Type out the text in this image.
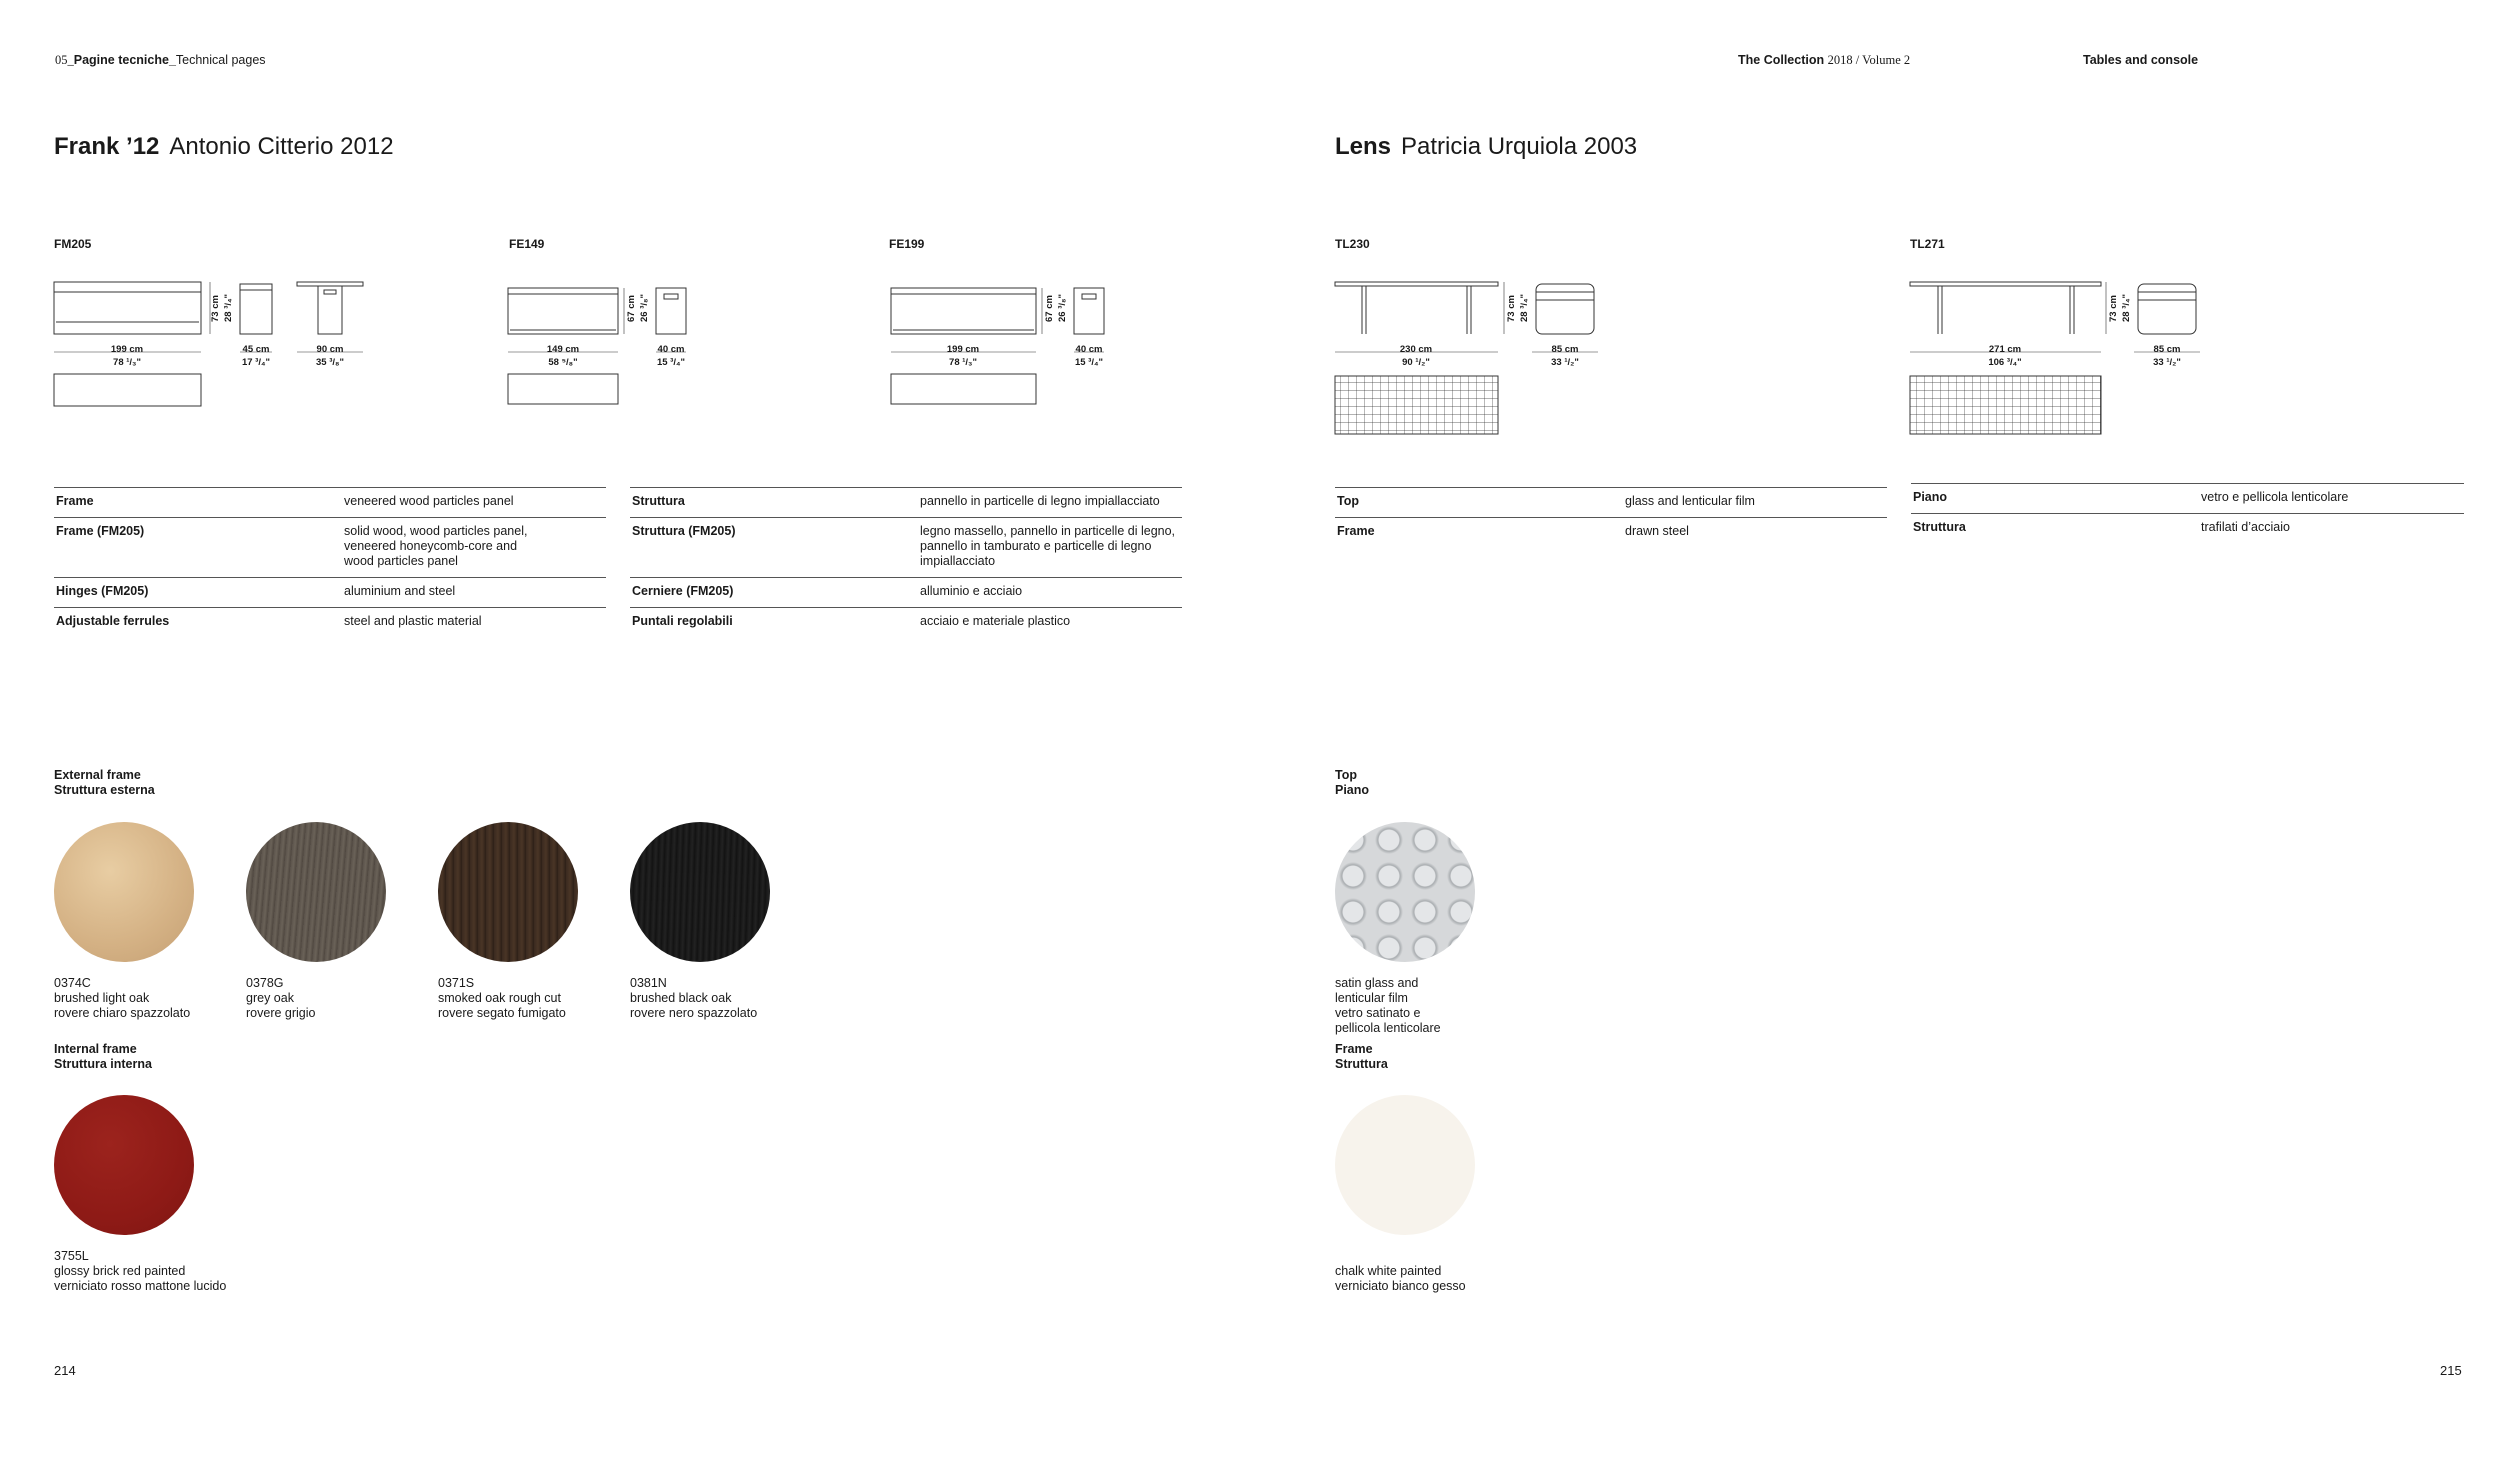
05_Pagine tecniche_Technical pages	The Collection 2018 / Volume 2	Tables and console
Frank ’12 Antonio Citterio 2012
FM205	FE149	FE199
73 cm 28 ³/₄"
199 cm
78 ¹/₃"
45 cm
17 ³/₄"
90 cm
35 ³/₈"
67 cm 26 ³/₈"
149 cm
58 ⁵/₈"
40 cm
15 ³/₄"
67 cm 26 ³/₈"
199 cm
78 ¹/₃"
40 cm
15 ³/₄"
Frame	veneered wood particles panel
Frame (FM205)	solid wood, wood particles panel, veneered honeycomb-core and wood particles panel
Hinges (FM205)	aluminium and steel
Adjustable ferrules	steel and plastic material
Struttura	pannello in particelle di legno impiallacciato
Struttura (FM205)	legno massello, pannello in particelle di legno, pannello in tamburato e particelle di legno impiallacciato
Cerniere (FM205)	alluminio e acciaio
Puntali regolabili	acciaio e materiale plastico
External frame
Struttura esterna
0374C
brushed light oak
rovere chiaro spazzolato
0378G
grey oak
rovere grigio
0371S
smoked oak rough cut
rovere segato fumigato
0381N
brushed black oak
rovere nero spazzolato
Internal frame
Struttura interna
3755L
glossy brick red painted
verniciato rosso mattone lucido
214
Lens Patricia Urquiola 2003
TL230	TL271
73 cm 28 ³/₄"
230 cm
90 ¹/₂"
85 cm
33 ¹/₂"
73 cm 28 ³/₄"
271 cm
106 ³/₄"
85 cm
33 ¹/₂"
Top	glass and lenticular film
Frame	drawn steel
Piano	vetro e pellicola lenticolare
Struttura	trafilati d’acciaio
Top
Piano
satin glass and
lenticular film
vetro satinato e
pellicola lenticolare
Frame
Struttura
chalk white painted
verniciato bianco gesso
215
